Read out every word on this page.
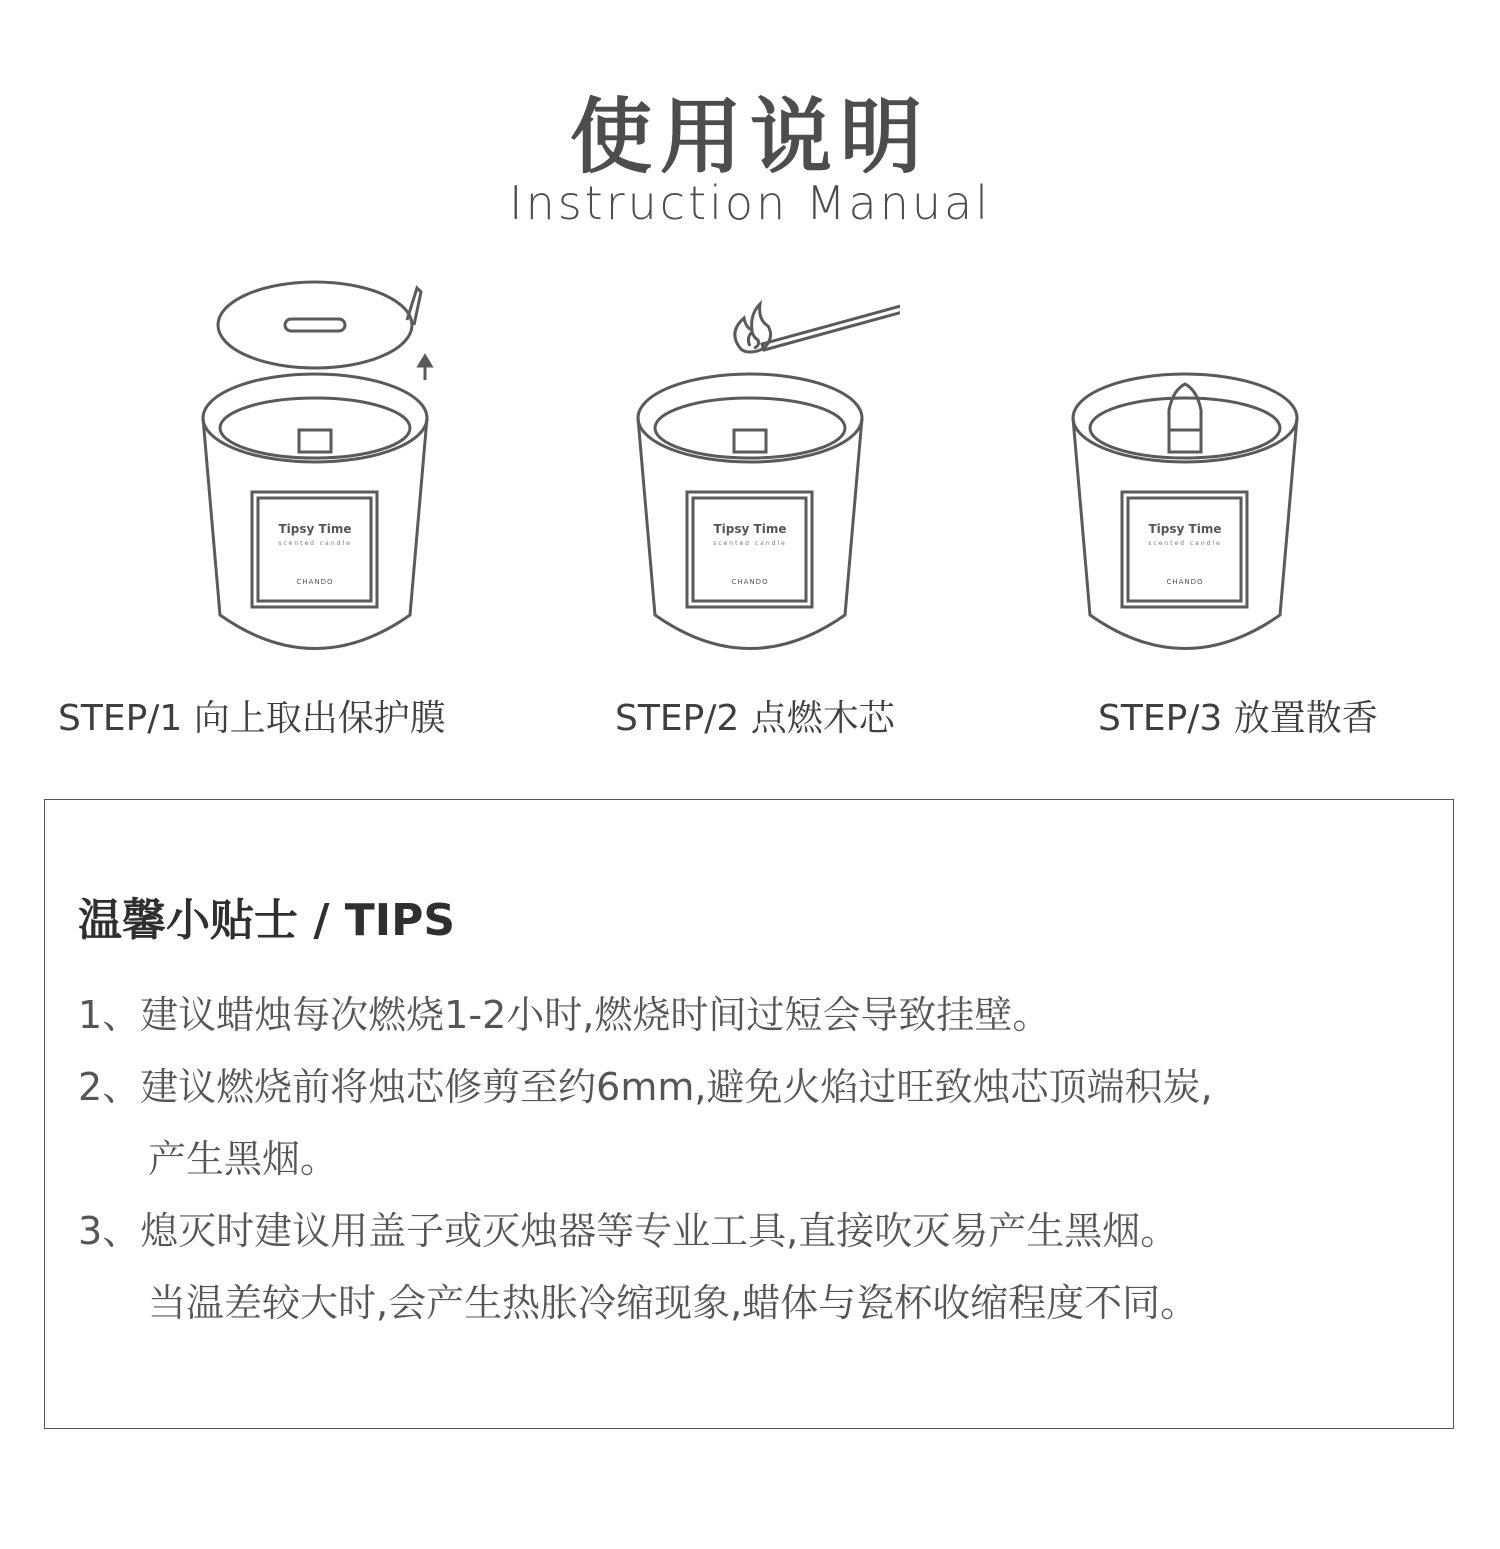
使用说明
Instruction Manual
Tipsy Time
scented candle
CHANDO
Tipsy Time
scented candle
CHANDO
Tipsy Time
scented candle
CHANDO
STEP/1 向上取出保护膜	STEP/2 点燃木芯	STEP/3 放置散香
温馨小贴士 / TIPS
1、建议蜡烛每次燃烧1-2小时,燃烧时间过短会导致挂壁。
2、建议燃烧前将烛芯修剪至约6mm,避免火焰过旺致烛芯顶端积炭,
产生黑烟。
3、熄灭时建议用盖子或灭烛器等专业工具,直接吹灭易产生黑烟。
当温差较大时,会产生热胀冷缩现象,蜡体与瓷杯收缩程度不同。
